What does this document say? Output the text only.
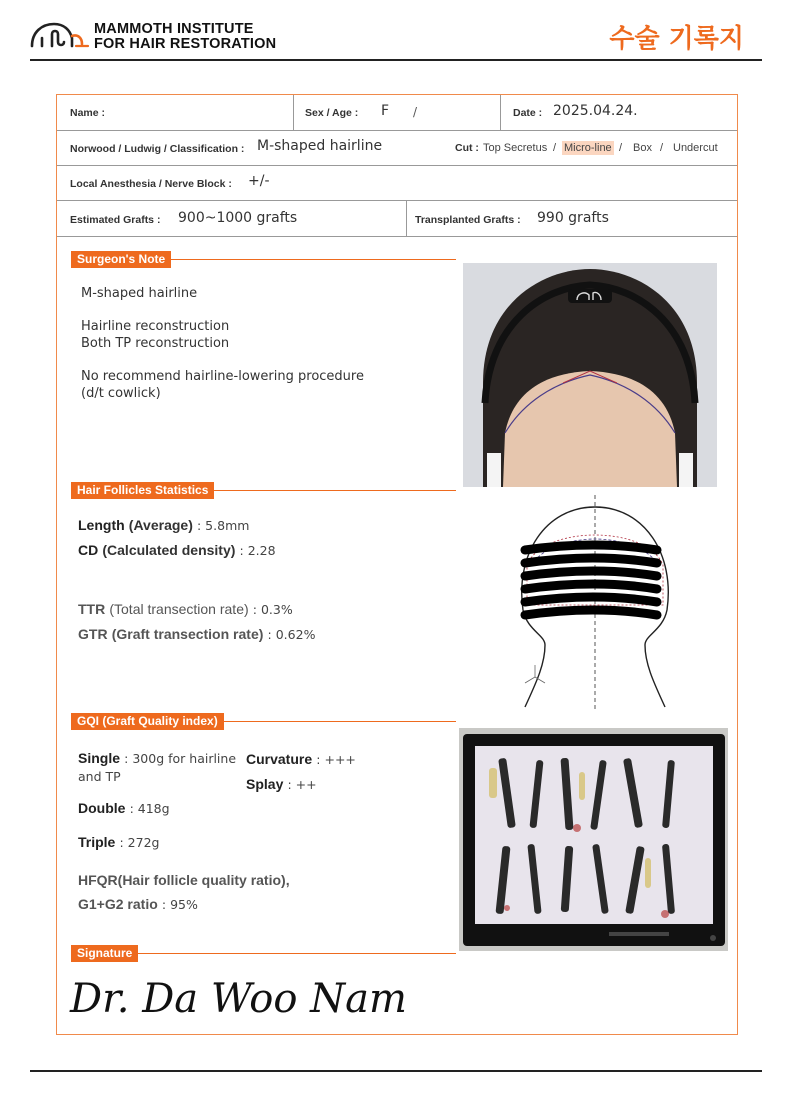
MAMMOTH INSTITUTE
FOR HAIR RESTORATION	수술 기록지
Name :	Sex / Age : F /	Date : 2025.04.24.
Norwood / Ludwig / Classification : M-shaped hairline	Cut : Top Secretus / Micro-line / Box / Undercut
Local Anesthesia / Nerve Block : +/-
Estimated Grafts : 900~1000 grafts	Transplanted Grafts : 990 grafts
Surgeon's Note

M-shaped hairline

Hairline reconstruction

Both TP reconstruction

No recommend hairline-lowering procedure

(d/t cowlick)

Hair Follicles Statistics
Length (Average) : 5.8mm
CD (Calculated density) : 2.28
TTR (Total transection rate) : 0.3%
GTR (Graft transection rate) : 0.62%
GQI (Graft Quality index)
Single : 300g for hairline
and TP
Curvature : +++
Splay : ++
Double : 418g
Triple : 272g
HFQR(Hair follicle quality ratio),
G1+G2 ratio : 95%
Signature
Dr. Da Woo Nam
